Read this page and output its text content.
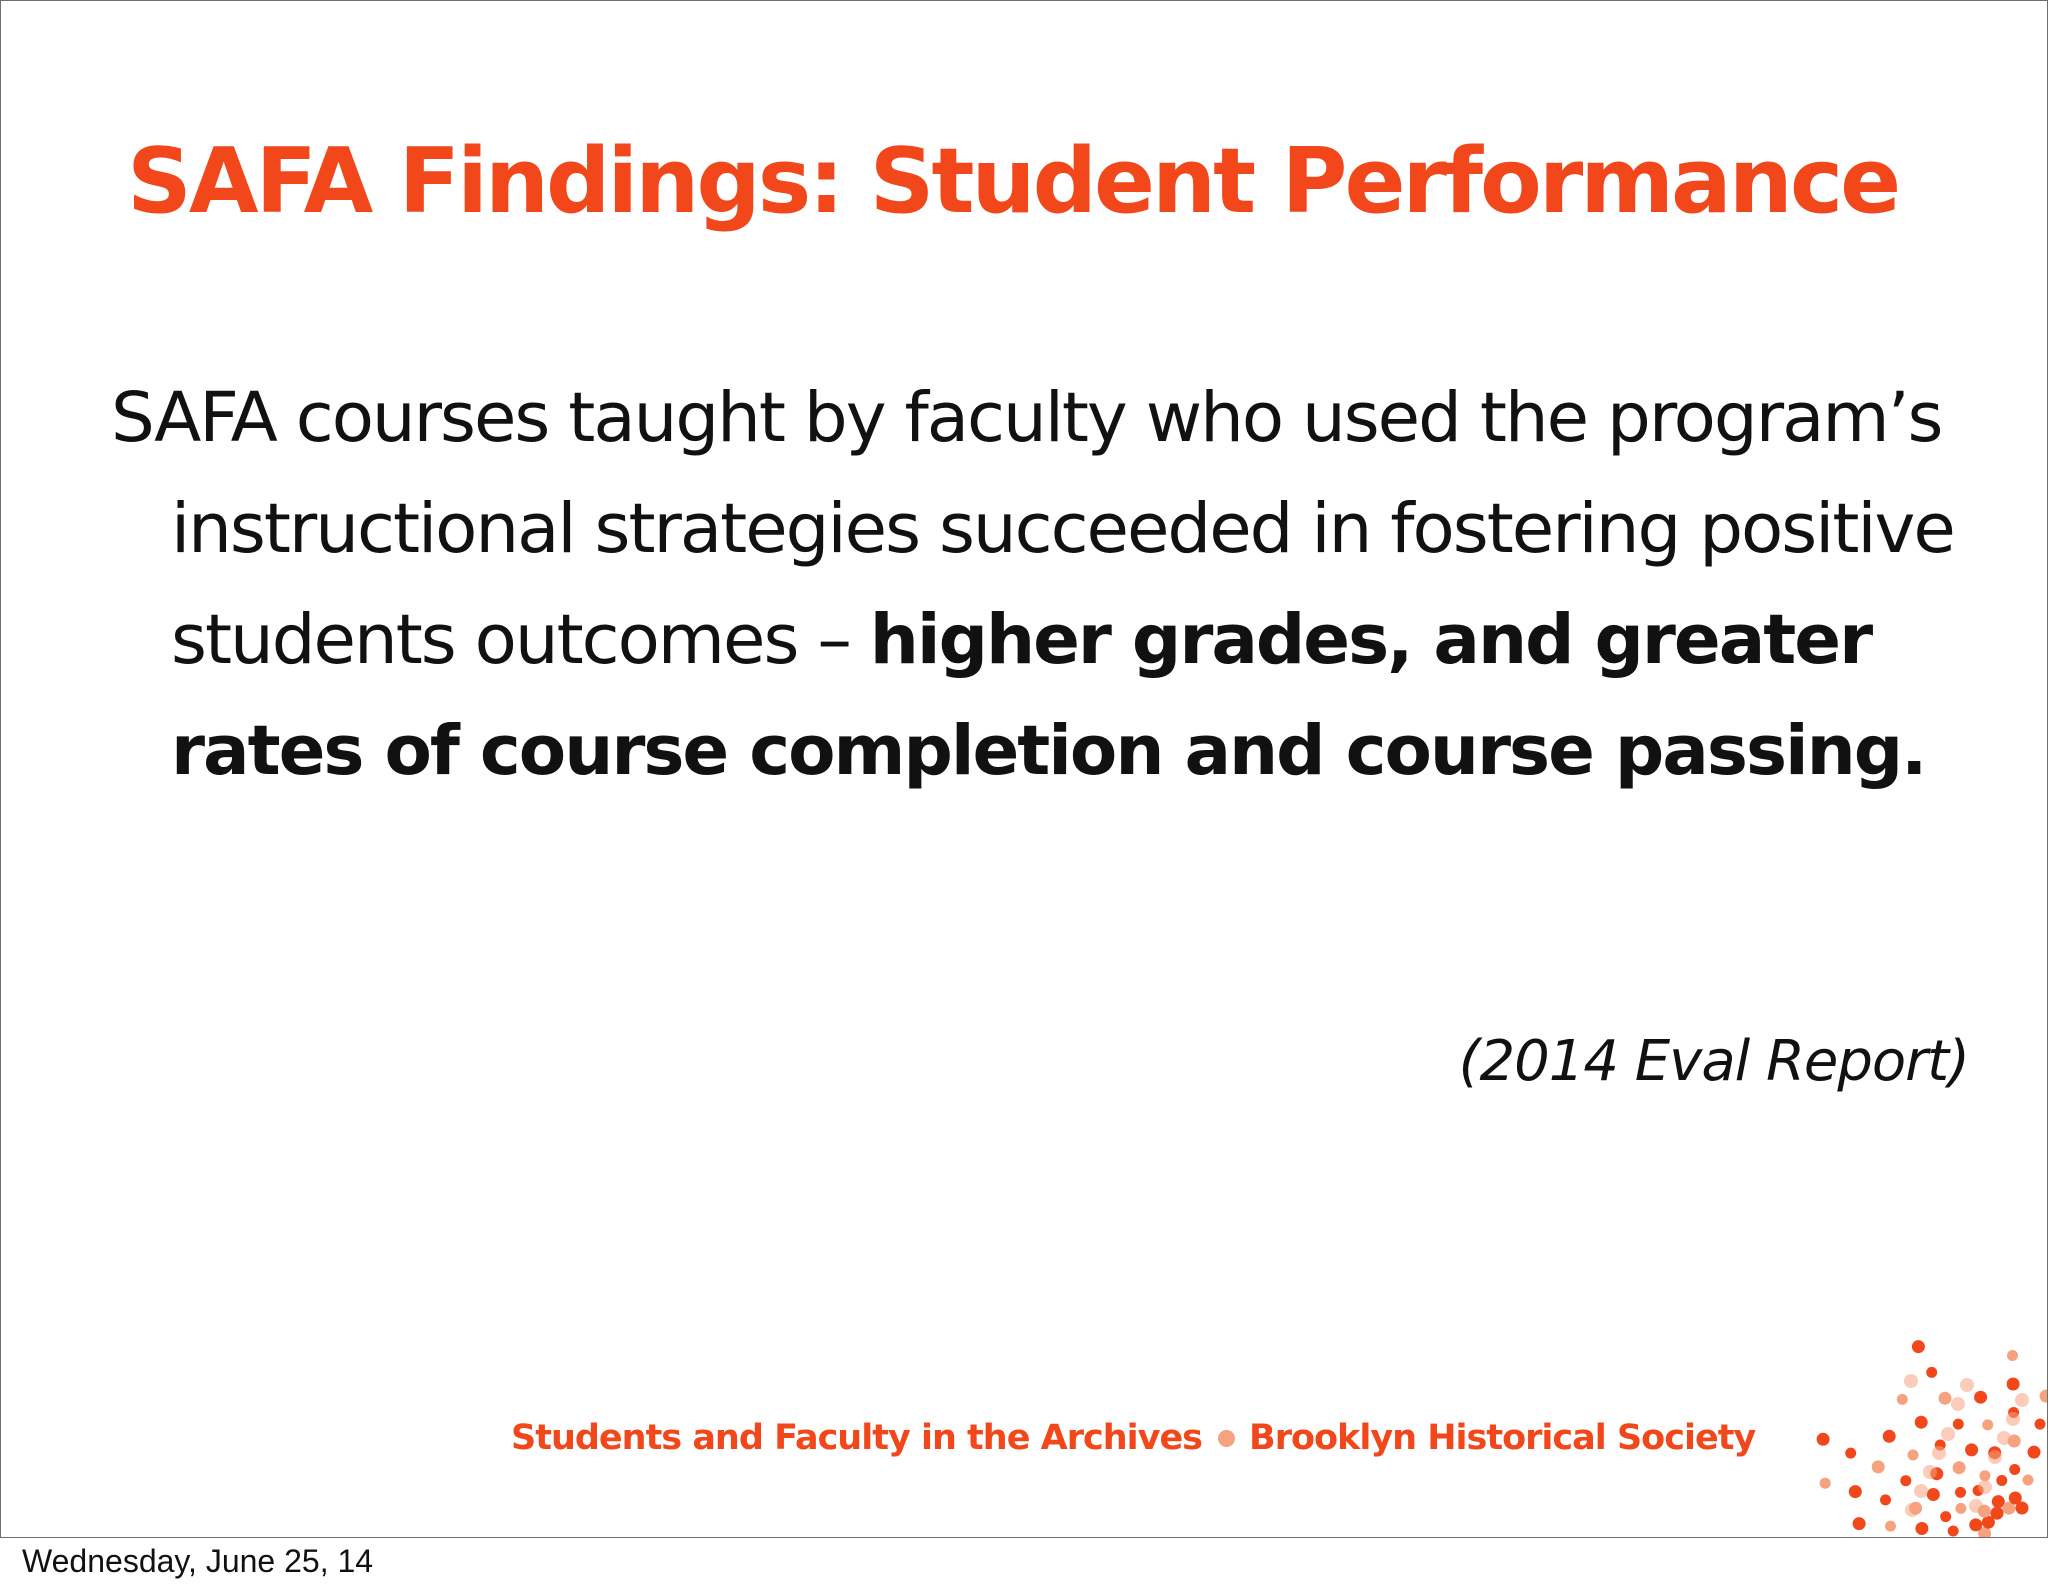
SAFA Findings: Student Performance

SAFA courses taught by faculty who used the program’s instructional strategies succeeded in fostering positive students outcomes – higher grades, and greater rates of course completion and course passing.

(2014 Eval Report)

Students and Faculty in the Archives Brooklyn Historical Society
Wednesday, June 25, 14
